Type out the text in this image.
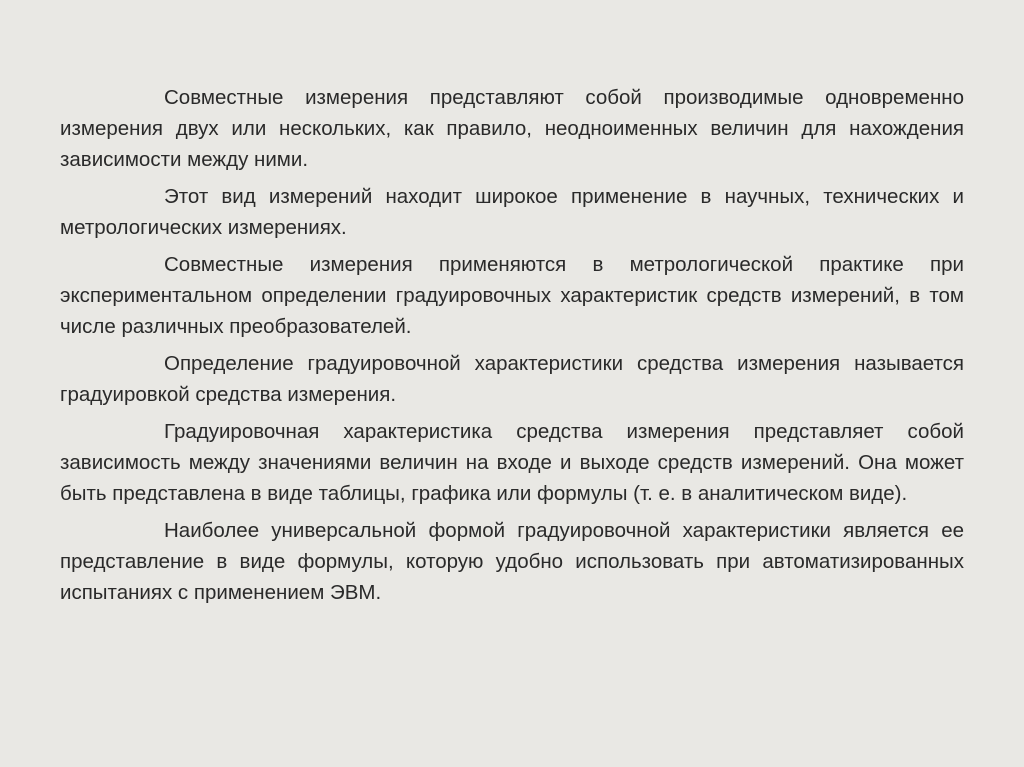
Совместные измерения представляют собой производимые одновременно измерения двух или нескольких, как правило, неодноименных величин для нахождения зависимости между ними.

Этот вид измерений находит широкое применение в научных, технических и метрологических измерениях.

Совместные измерения применяются в метрологической практике при экспериментальном определении градуировочных характеристик средств измерений, в том числе различных преобразователей.

Определение градуировочной характеристики средства измерения называется градуировкой средства измерения.

Градуировочная характеристика средства измерения представляет собой зависимость между значениями величин на входе и выходе средств измерений. Она может быть представлена в виде таблицы, графика или формулы (т. е. в аналитическом виде).

Наиболее универсальной формой градуировочной характеристики является ее представление в виде формулы, которую удобно использовать при автоматизированных испытаниях с применением ЭВМ.
